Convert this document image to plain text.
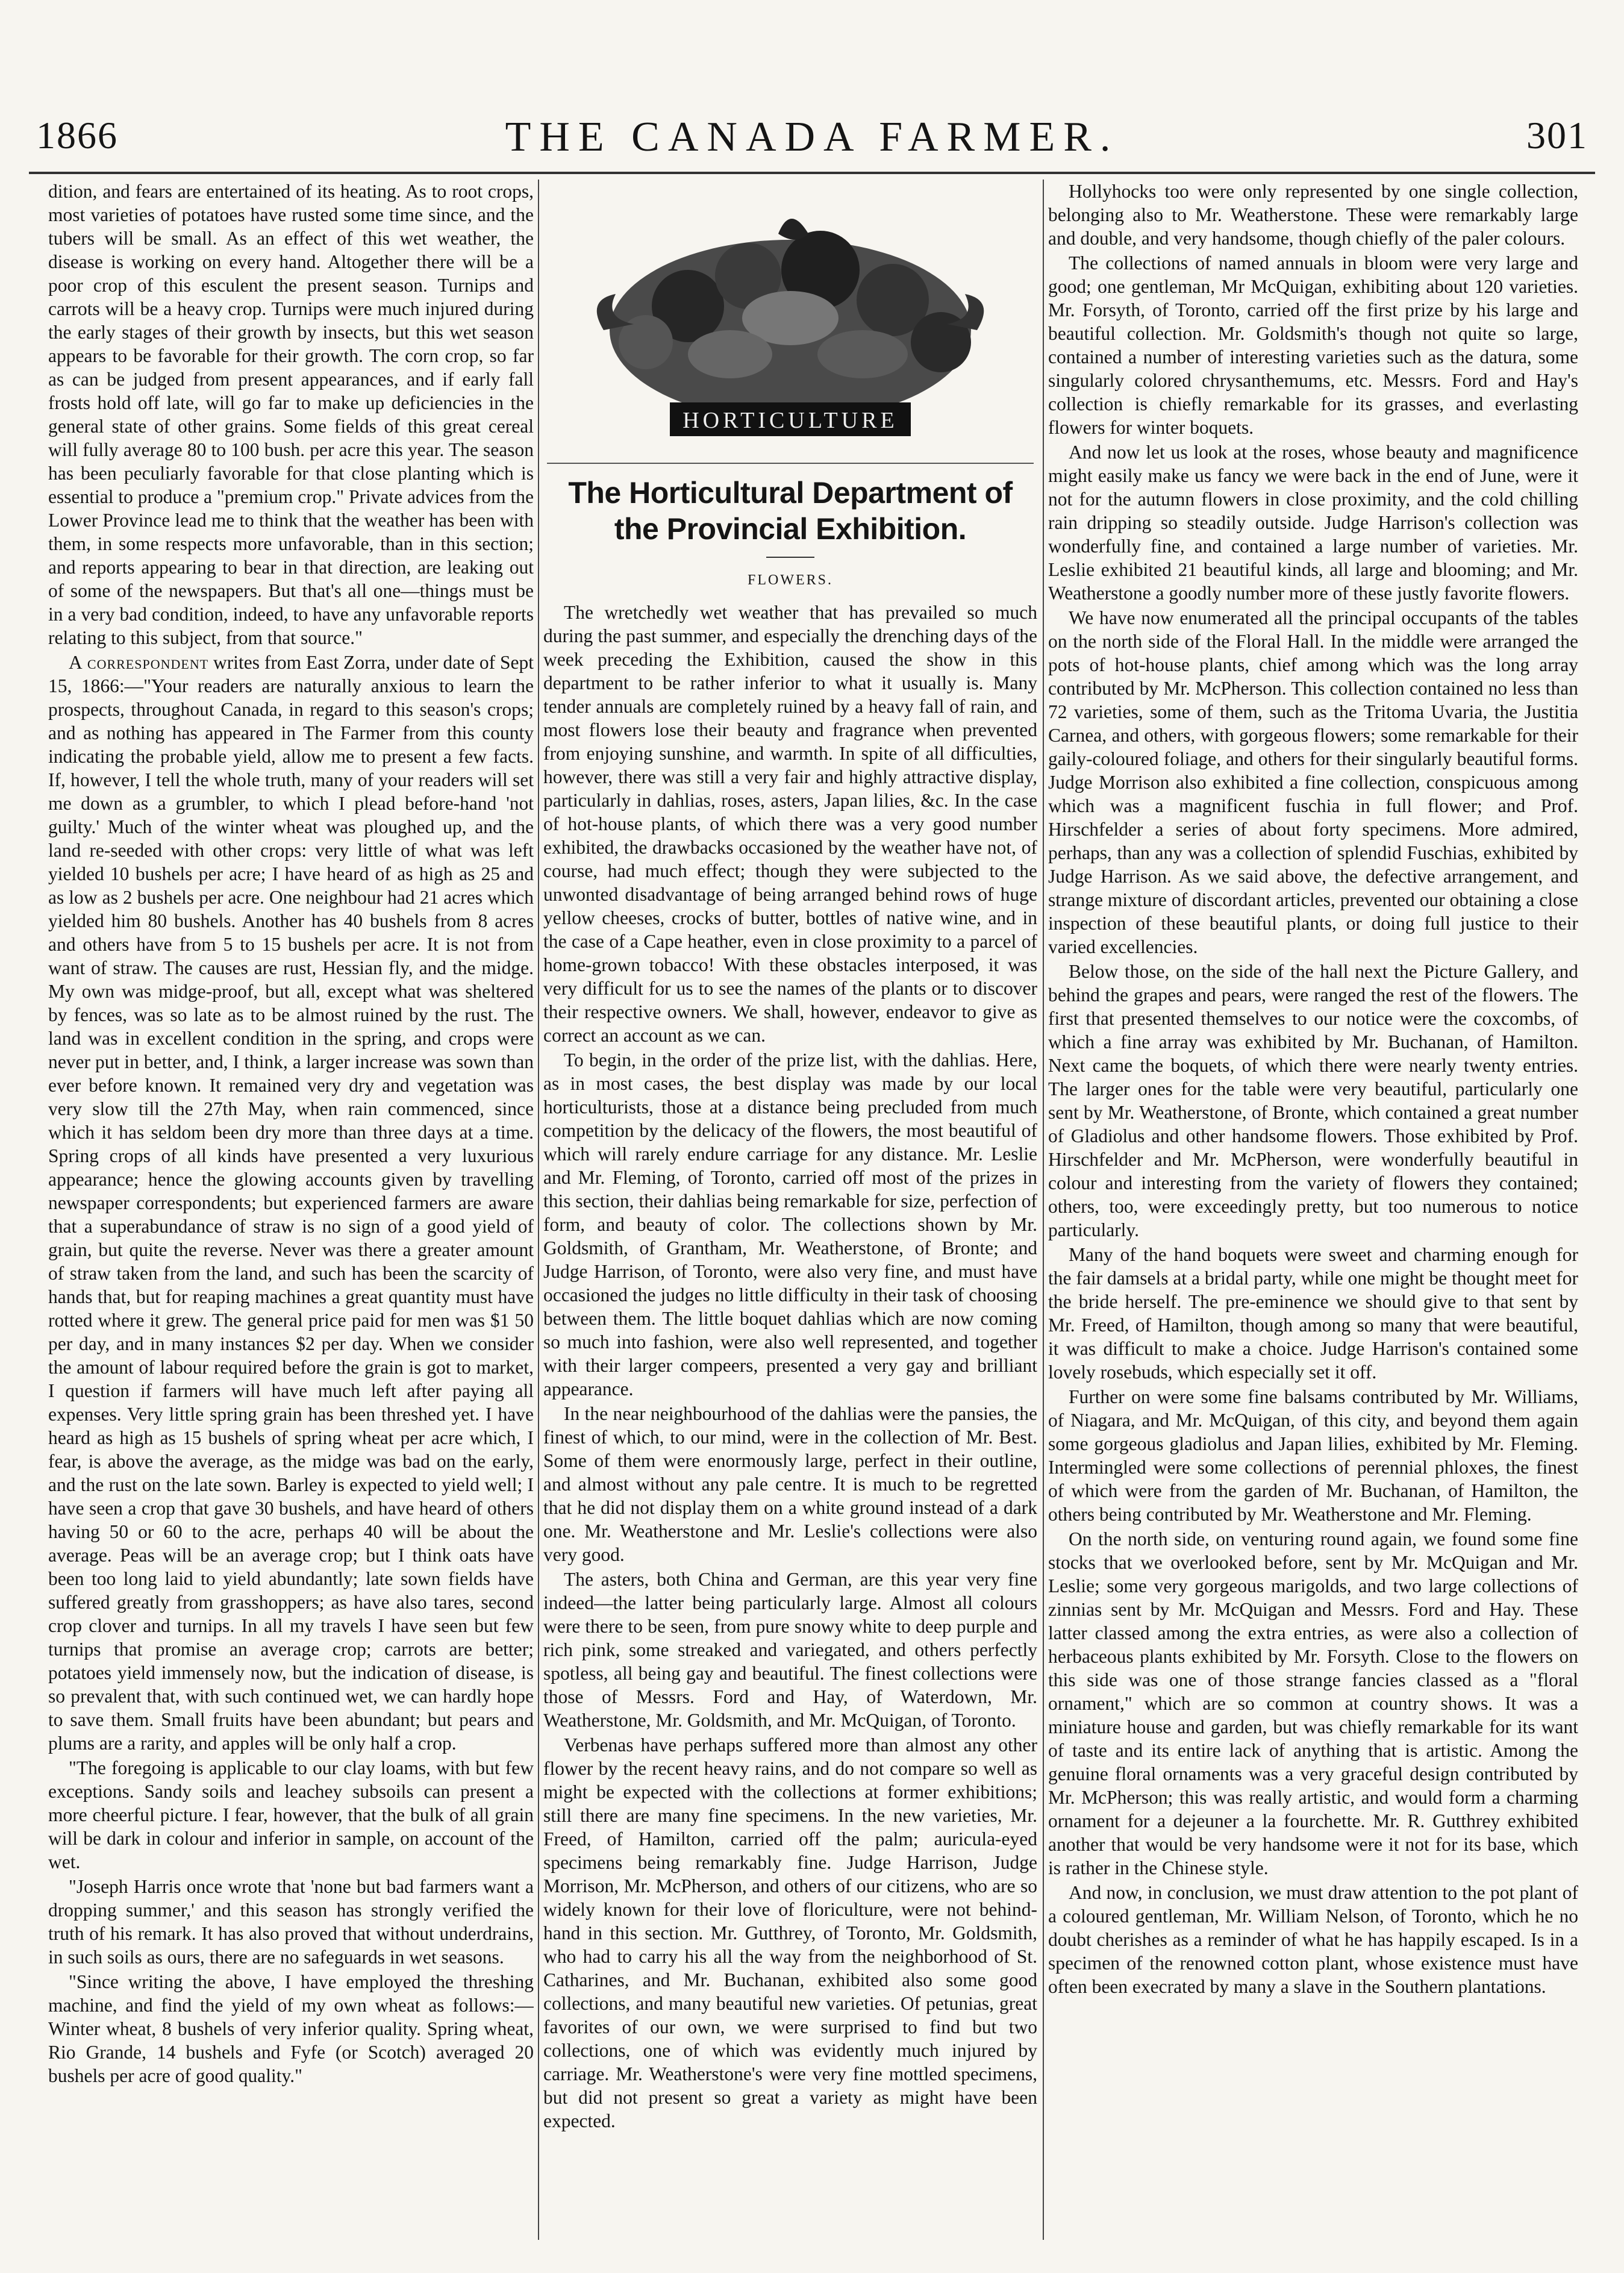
1866	THE CANADA FARMER.	301

dition, and fears are entertained of its heating. As to root crops, most varieties of potatoes have rusted some time since, and the tubers will be small. As an effect of this wet weather, the disease is working on every hand. Altogether there will be a poor crop of this esculent the present season. Turnips and carrots will be a heavy crop. Turnips were much injured during the early stages of their growth by insects, but this wet season appears to be favorable for their growth. The corn crop, so far as can be judged from present appearances, and if early fall frosts hold off late, will go far to make up deficiencies in the general state of other grains. Some fields of this great cereal will fully average 80 to 100 bush. per acre this year. The season has been peculiarly favorable for that close planting which is essential to produce a "premium crop." Private advices from the Lower Province lead me to think that the weather has been with them, in some respects more unfavorable, than in this section; and reports appearing to bear in that direction, are leaking out of some of the newspapers. But that's all one—things must be in a very bad condition, indeed, to have any unfavorable reports relating to this subject, from that source."

A correspondent writes from East Zorra, under date of Sept 15, 1866:—"Your readers are naturally anxious to learn the prospects, throughout Canada, in regard to this season's crops; and as nothing has appeared in The Farmer from this county indicating the probable yield, allow me to present a few facts. If, however, I tell the whole truth, many of your readers will set me down as a grumbler, to which I plead before-hand 'not guilty.' Much of the winter wheat was ploughed up, and the land re-seeded with other crops: very little of what was left yielded 10 bushels per acre; I have heard of as high as 25 and as low as 2 bushels per acre. One neighbour had 21 acres which yielded him 80 bushels. Another has 40 bushels from 8 acres and others have from 5 to 15 bushels per acre. It is not from want of straw. The causes are rust, Hessian fly, and the midge. My own was midge-proof, but all, except what was sheltered by fences, was so late as to be almost ruined by the rust. The land was in excellent condition in the spring, and crops were never put in better, and, I think, a larger increase was sown than ever before known. It remained very dry and vegetation was very slow till the 27th May, when rain commenced, since which it has seldom been dry more than three days at a time. Spring crops of all kinds have presented a very luxurious appearance; hence the glowing accounts given by travelling newspaper correspondents; but experienced farmers are aware that a superabundance of straw is no sign of a good yield of grain, but quite the reverse. Never was there a greater amount of straw taken from the land, and such has been the scarcity of hands that, but for reaping machines a great quantity must have rotted where it grew. The general price paid for men was $1 50 per day, and in many instances $2 per day. When we consider the amount of labour required before the grain is got to market, I question if farmers will have much left after paying all expenses. Very little spring grain has been threshed yet. I have heard as high as 15 bushels of spring wheat per acre which, I fear, is above the average, as the midge was bad on the early, and the rust on the late sown. Barley is expected to yield well; I have seen a crop that gave 30 bushels, and have heard of others having 50 or 60 to the acre, perhaps 40 will be about the average. Peas will be an average crop; but I think oats have been too long laid to yield abundantly; late sown fields have suffered greatly from grasshoppers; as have also tares, second crop clover and turnips. In all my travels I have seen but few turnips that promise an average crop; carrots are better; potatoes yield immensely now, but the indication of disease, is so prevalent that, with such continued wet, we can hardly hope to save them. Small fruits have been abundant; but pears and plums are a rarity, and apples will be only half a crop.

"The foregoing is applicable to our clay loams, with but few exceptions. Sandy soils and leachey subsoils can present a more cheerful picture. I fear, however, that the bulk of all grain will be dark in colour and inferior in sample, on account of the wet.

"Joseph Harris once wrote that 'none but bad farmers want a dropping summer,' and this season has strongly verified the truth of his remark. It has also proved that without underdrains, in such soils as ours, there are no safeguards in wet seasons.

"Since writing the above, I have employed the threshing machine, and find the yield of my own wheat as follows:—Winter wheat, 8 bushels of very inferior quality. Spring wheat, Rio Grande, 14 bushels and Fyfe (or Scotch) averaged 20 bushels per acre of good quality."

HORTICULTURE
The Horticultural Department of the Provincial Exhibition.
FLOWERS.

The wretchedly wet weather that has prevailed so much during the past summer, and especially the drenching days of the week preceding the Exhibition, caused the show in this department to be rather inferior to what it usually is. Many tender annuals are completely ruined by a heavy fall of rain, and most flowers lose their beauty and fragrance when prevented from enjoying sunshine, and warmth. In spite of all difficulties, however, there was still a very fair and highly attractive display, particularly in dahlias, roses, asters, Japan lilies, &c. In the case of hot-house plants, of which there was a very good number exhibited, the drawbacks occasioned by the weather have not, of course, had much effect; though they were subjected to the unwonted disadvantage of being arranged behind rows of huge yellow cheeses, crocks of butter, bottles of native wine, and in the case of a Cape heather, even in close proximity to a parcel of home-grown tobacco! With these obstacles interposed, it was very difficult for us to see the names of the plants or to discover their respective owners. We shall, however, endeavor to give as correct an account as we can.

To begin, in the order of the prize list, with the dahlias. Here, as in most cases, the best display was made by our local horticulturists, those at a distance being precluded from much competition by the delicacy of the flowers, the most beautiful of which will rarely endure carriage for any distance. Mr. Leslie and Mr. Fleming, of Toronto, carried off most of the prizes in this section, their dahlias being remarkable for size, perfection of form, and beauty of color. The collections shown by Mr. Goldsmith, of Grantham, Mr. Weatherstone, of Bronte; and Judge Harrison, of Toronto, were also very fine, and must have occasioned the judges no little difficulty in their task of choosing between them. The little boquet dahlias which are now coming so much into fashion, were also well represented, and together with their larger compeers, presented a very gay and brilliant appearance.

In the near neighbourhood of the dahlias were the pansies, the finest of which, to our mind, were in the collection of Mr. Best. Some of them were enormously large, perfect in their outline, and almost without any pale centre. It is much to be regretted that he did not display them on a white ground instead of a dark one. Mr. Weatherstone and Mr. Leslie's collections were also very good.

The asters, both China and German, are this year very fine indeed—the latter being particularly large. Almost all colours were there to be seen, from pure snowy white to deep purple and rich pink, some streaked and variegated, and others perfectly spotless, all being gay and beautiful. The finest collections were those of Messrs. Ford and Hay, of Waterdown, Mr. Weatherstone, Mr. Goldsmith, and Mr. McQuigan, of Toronto.

Verbenas have perhaps suffered more than almost any other flower by the recent heavy rains, and do not compare so well as might be expected with the collections at former exhibitions; still there are many fine specimens. In the new varieties, Mr. Freed, of Hamilton, carried off the palm; auricula-eyed specimens being remarkably fine. Judge Harrison, Judge Morrison, Mr. McPherson, and others of our citizens, who are so widely known for their love of floriculture, were not behind-hand in this section. Mr. Gutthrey, of Toronto, Mr. Goldsmith, who had to carry his all the way from the neighborhood of St. Catharines, and Mr. Buchanan, exhibited also some good collections, and many beautiful new varieties. Of petunias, great favorites of our own, we were surprised to find but two collections, one of which was evidently much injured by carriage. Mr. Weatherstone's were very fine mottled specimens, but did not present so great a variety as might have been expected.

Hollyhocks too were only represented by one single collection, belonging also to Mr. Weatherstone. These were remarkably large and double, and very handsome, though chiefly of the paler colours.

The collections of named annuals in bloom were very large and good; one gentleman, Mr McQuigan, exhibiting about 120 varieties. Mr. Forsyth, of Toronto, carried off the first prize by his large and beautiful collection. Mr. Goldsmith's though not quite so large, contained a number of interesting varieties such as the datura, some singularly colored chrysanthemums, etc. Messrs. Ford and Hay's collection is chiefly remarkable for its grasses, and everlasting flowers for winter boquets.

And now let us look at the roses, whose beauty and magnificence might easily make us fancy we were back in the end of June, were it not for the autumn flowers in close proximity, and the cold chilling rain dripping so steadily outside. Judge Harrison's collection was wonderfully fine, and contained a large number of varieties. Mr. Leslie exhibited 21 beautiful kinds, all large and blooming; and Mr. Weatherstone a goodly number more of these justly favorite flowers.

We have now enumerated all the principal occupants of the tables on the north side of the Floral Hall. In the middle were arranged the pots of hot-house plants, chief among which was the long array contributed by Mr. McPherson. This collection contained no less than 72 varieties, some of them, such as the Tritoma Uvaria, the Justitia Carnea, and others, with gorgeous flowers; some remarkable for their gaily-coloured foliage, and others for their singularly beautiful forms. Judge Morrison also exhibited a fine collection, conspicuous among which was a magnificent fuschia in full flower; and Prof. Hirschfelder a series of about forty specimens. More admired, perhaps, than any was a collection of splendid Fuschias, exhibited by Judge Harrison. As we said above, the defective arrangement, and strange mixture of discordant articles, prevented our obtaining a close inspection of these beautiful plants, or doing full justice to their varied excellencies.

Below those, on the side of the hall next the Picture Gallery, and behind the grapes and pears, were ranged the rest of the flowers. The first that presented themselves to our notice were the coxcombs, of which a fine array was exhibited by Mr. Buchanan, of Hamilton. Next came the boquets, of which there were nearly twenty entries. The larger ones for the table were very beautiful, particularly one sent by Mr. Weatherstone, of Bronte, which contained a great number of Gladiolus and other handsome flowers. Those exhibited by Prof. Hirschfelder and Mr. McPherson, were wonderfully beautiful in colour and interesting from the variety of flowers they contained; others, too, were exceedingly pretty, but too numerous to notice particularly.

Many of the hand boquets were sweet and charming enough for the fair damsels at a bridal party, while one might be thought meet for the bride herself. The pre-eminence we should give to that sent by Mr. Freed, of Hamilton, though among so many that were beautiful, it was difficult to make a choice. Judge Harrison's contained some lovely rosebuds, which especially set it off.

Further on were some fine balsams contributed by Mr. Williams, of Niagara, and Mr. McQuigan, of this city, and beyond them again some gorgeous gladiolus and Japan lilies, exhibited by Mr. Fleming. Intermingled were some collections of perennial phloxes, the finest of which were from the garden of Mr. Buchanan, of Hamilton, the others being contributed by Mr. Weatherstone and Mr. Fleming.

On the north side, on venturing round again, we found some fine stocks that we overlooked before, sent by Mr. McQuigan and Mr. Leslie; some very gorgeous marigolds, and two large collections of zinnias sent by Mr. McQuigan and Messrs. Ford and Hay. These latter classed among the extra entries, as were also a collection of herbaceous plants exhibited by Mr. Forsyth. Close to the flowers on this side was one of those strange fancies classed as a "floral ornament," which are so common at country shows. It was a miniature house and garden, but was chiefly remarkable for its want of taste and its entire lack of anything that is artistic. Among the genuine floral ornaments was a very graceful design contributed by Mr. McPherson; this was really artistic, and would form a charming ornament for a dejeuner a la fourchette. Mr. R. Gutthrey exhibited another that would be very handsome were it not for its base, which is rather in the Chinese style.

And now, in conclusion, we must draw attention to the pot plant of a coloured gentleman, Mr. William Nelson, of Toronto, which he no doubt cherishes as a reminder of what he has happily escaped. Is in a specimen of the renowned cotton plant, whose existence must have often been execrated by many a slave in the Southern plantations.
